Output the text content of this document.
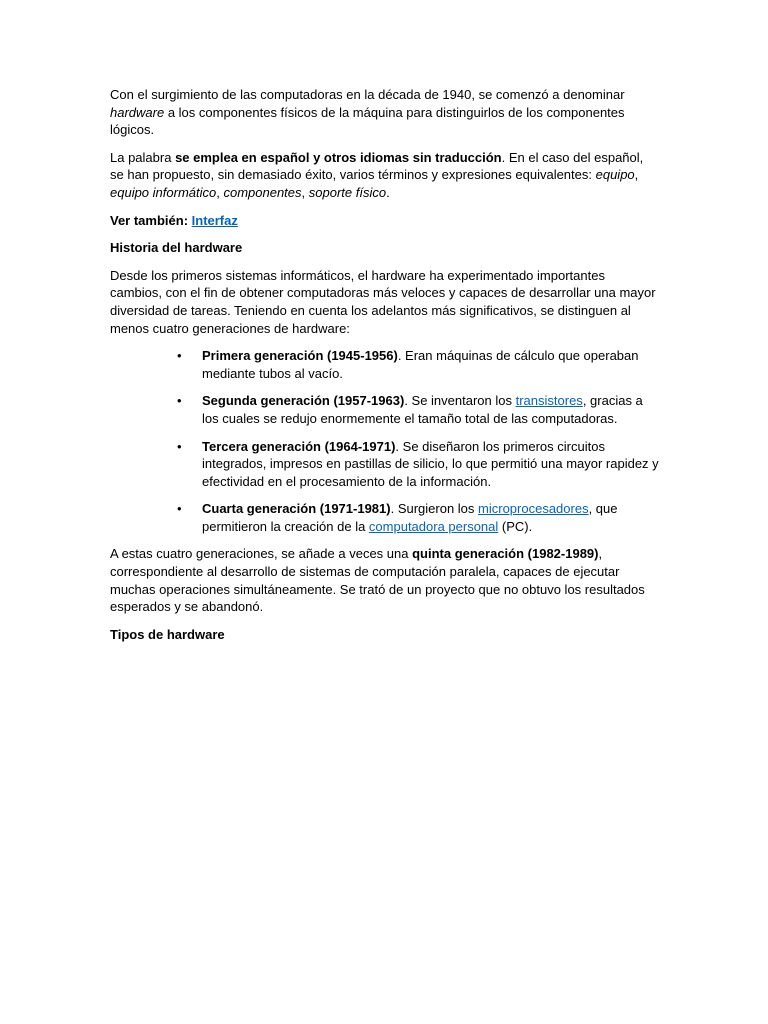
Con el surgimiento de las computadoras en la década de 1940, se comenzó a denominar hardware a los componentes físicos de la máquina para distinguirlos de los componentes lógicos.

La palabra se emplea en español y otros idiomas sin traducción. En el caso del español, se han propuesto, sin demasiado éxito, varios términos y expresiones equivalentes: equipo, equipo informático, componentes, soporte físico.

Ver también: Interfaz

Historia del hardware

Desde los primeros sistemas informáticos, el hardware ha experimentado importantes cambios, con el fin de obtener computadoras más veloces y capaces de desarrollar una mayor diversidad de tareas. Teniendo en cuenta los adelantos más significativos, se distinguen al menos cuatro generaciones de hardware:

• Primera generación (1945-1956). Eran máquinas de cálculo que operaban mediante tubos al vacío.
• Segunda generación (1957-1963). Se inventaron los transistores, gracias a los cuales se redujo enormemente el tamaño total de las computadoras.
• Tercera generación (1964-1971). Se diseñaron los primeros circuitos integrados, impresos en pastillas de silicio, lo que permitió una mayor rapidez y efectividad en el procesamiento de la información.
• Cuarta generación (1971-1981). Surgieron los microprocesadores, que permitieron la creación de la computadora personal (PC).

A estas cuatro generaciones, se añade a veces una quinta generación (1982-1989), correspondiente al desarrollo de sistemas de computación paralela, capaces de ejecutar muchas operaciones simultáneamente. Se trató de un proyecto que no obtuvo los resultados esperados y se abandonó.

Tipos de hardware
